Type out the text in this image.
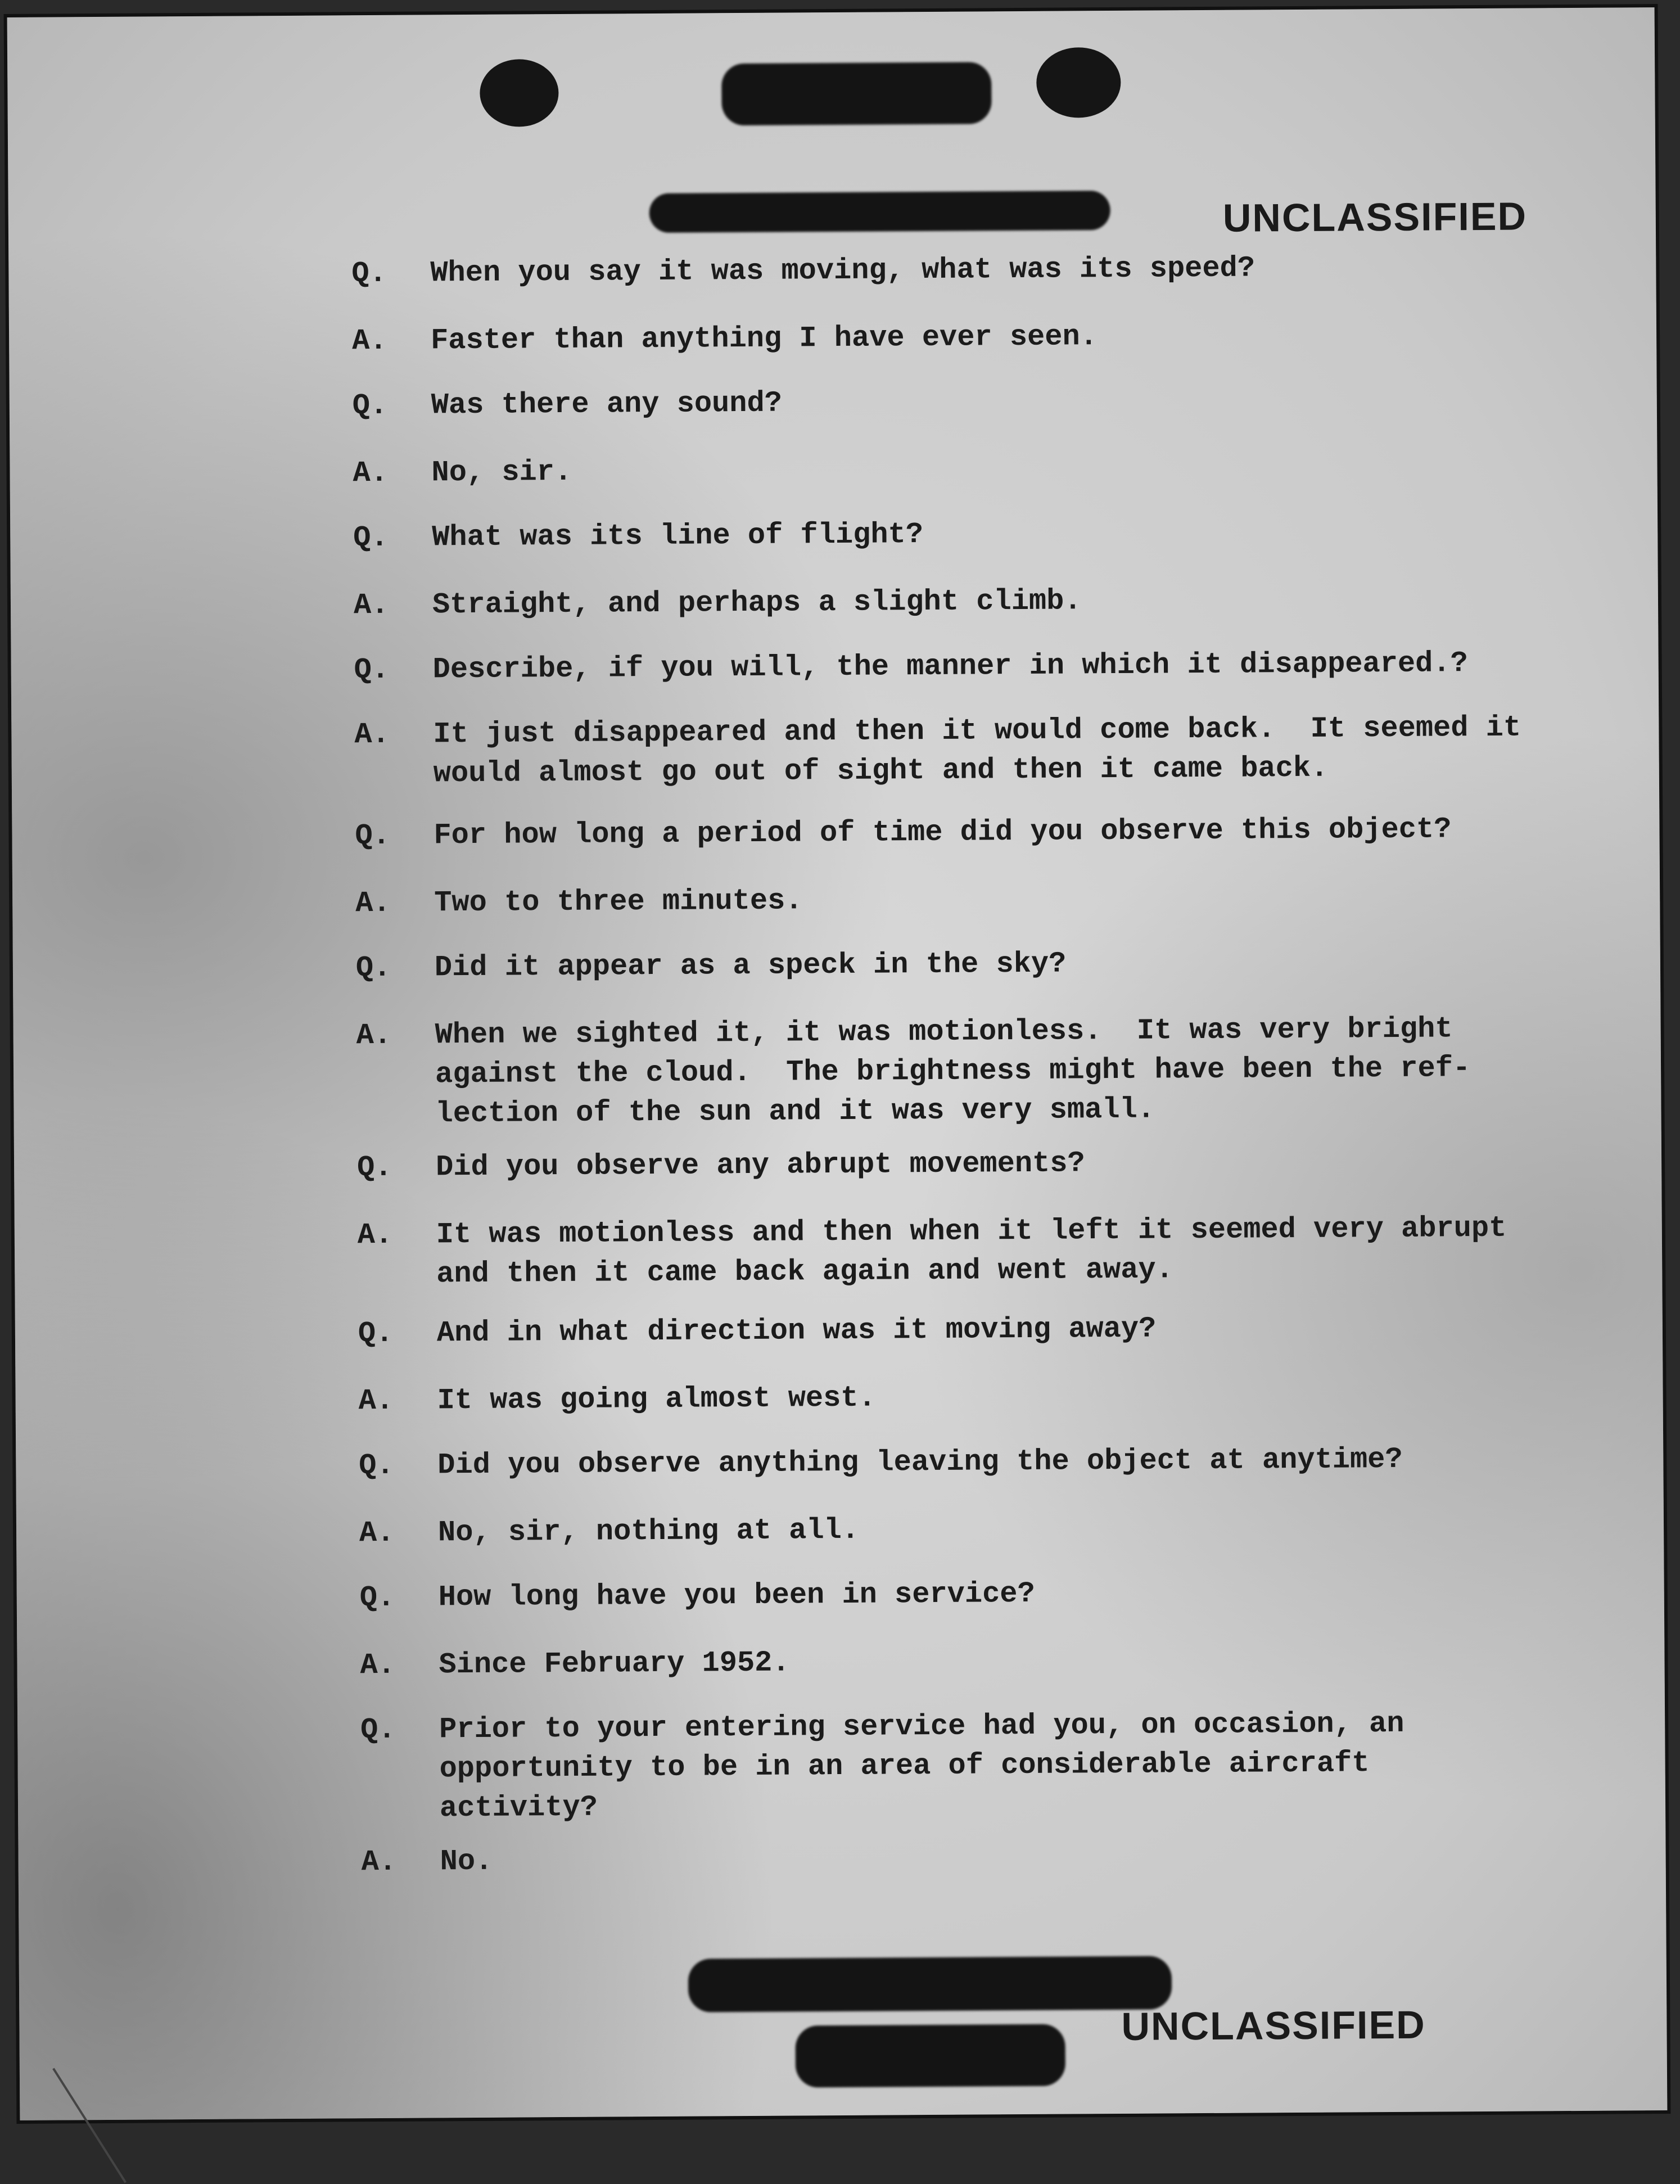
UNCLASSIFIED
Q.	When you say it was moving, what was its speed?
A.	Faster than anything I have ever seen.
Q.	Was there any sound?
A.	No, sir.
Q.	What was its line of flight?
A.	Straight, and perhaps a slight climb.
Q.	Describe, if you will, the manner in which it disappeared.?
A.	It just disappeared and then it would come back.  It seemed it
would almost go out of sight and then it came back.
Q.	For how long a period of time did you observe this object?
A.	Two to three minutes.
Q.	Did it appear as a speck in the sky?
A.	When we sighted it, it was motionless.  It was very bright
against the cloud.  The brightness might have been the ref-
lection of the sun and it was very small.
Q.	Did you observe any abrupt movements?
A.	It was motionless and then when it left it seemed very abrupt
and then it came back again and went away.
Q.	And in what direction was it moving away?
A.	It was going almost west.
Q.	Did you observe anything leaving the object at anytime?
A.	No, sir, nothing at all.
Q.	How long have you been in service?
A.	Since February 1952.
Q.	Prior to your entering service had you, on occasion, an
opportunity to be in an area of considerable aircraft
activity?
A.	No.
UNCLASSIFIED
